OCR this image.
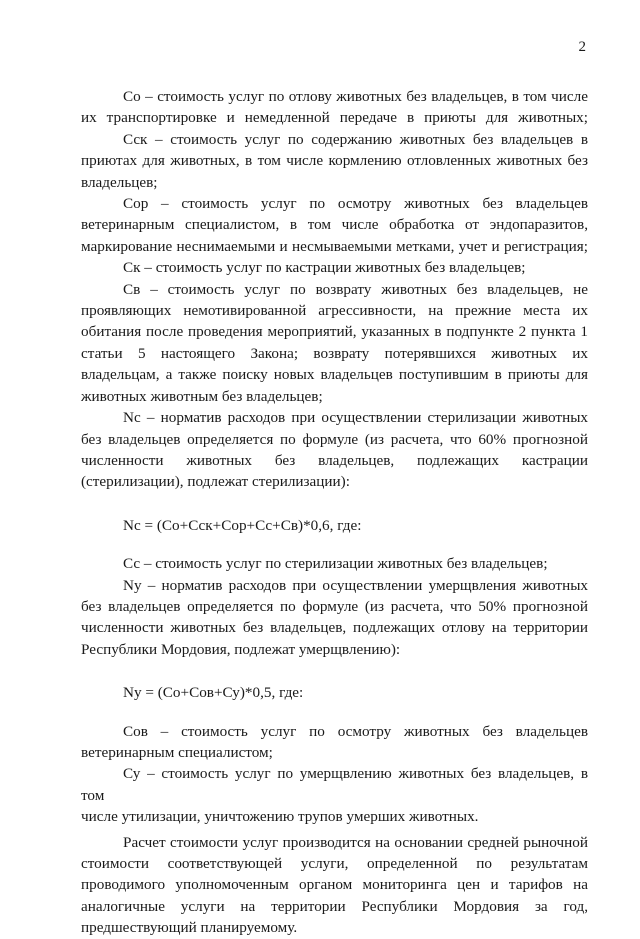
2

Со – стоимость услуг по отлову животных без владельцев, в том числе

их транспортировке и немедленной передаче в приюты для животных;

Сск – стоимость услуг по содержанию животных без владельцев в

приютах для животных, в том числе кормлению отловленных животных без

владельцев;

Сор – стоимость услуг по осмотру животных без владельцев

ветеринарным специалистом, в том числе обработка от эндопаразитов,

маркирование неснимаемыми и несмываемыми метками, учет и регистрация;

Ск – стоимость услуг по кастрации животных без владельцев;

Св – стоимость услуг по возврату животных без владельцев, не

проявляющих немотивированной агрессивности, на прежние места их

обитания после проведения мероприятий, указанных в подпункте 2 пункта 1

статьи 5 настоящего Закона; возврату потерявшихся животных их

владельцам, а также поиску новых владельцев поступившим в приюты для

животных животным без владельцев;

Nc – норматив расходов при осуществлении стерилизации животных

без владельцев определяется по формуле (из расчета, что 60% прогнозной

численности животных без владельцев, подлежащих кастрации

(стерилизации), подлежат стерилизации):

Nc = (Со+Сск+Сор+Сс+Св)*0,6, где:

Сс – стоимость услуг по стерилизации животных без владельцев;

Ny – норматив расходов при осуществлении умерщвления животных

без владельцев определяется по формуле (из расчета, что 50% прогнозной

численности животных без владельцев, подлежащих отлову на территории

Республики Мордовия, подлежат умерщвлению):

Ny = (Со+Сов+Су)*0,5, где:

Сов – стоимость услуг по осмотру животных без владельцев

ветеринарным специалистом;

Су – стоимость услуг по умерщвлению животных без владельцев, в том

числе утилизации, уничтожению трупов умерших животных.

Расчет стоимости услуг производится на основании средней рыночной

стоимости соответствующей услуги, определенной по результатам

проводимого уполномоченным органом мониторинга цен и тарифов на

аналогичные услуги на территории Республики Мордовия за год,

предшествующий планируемому.
